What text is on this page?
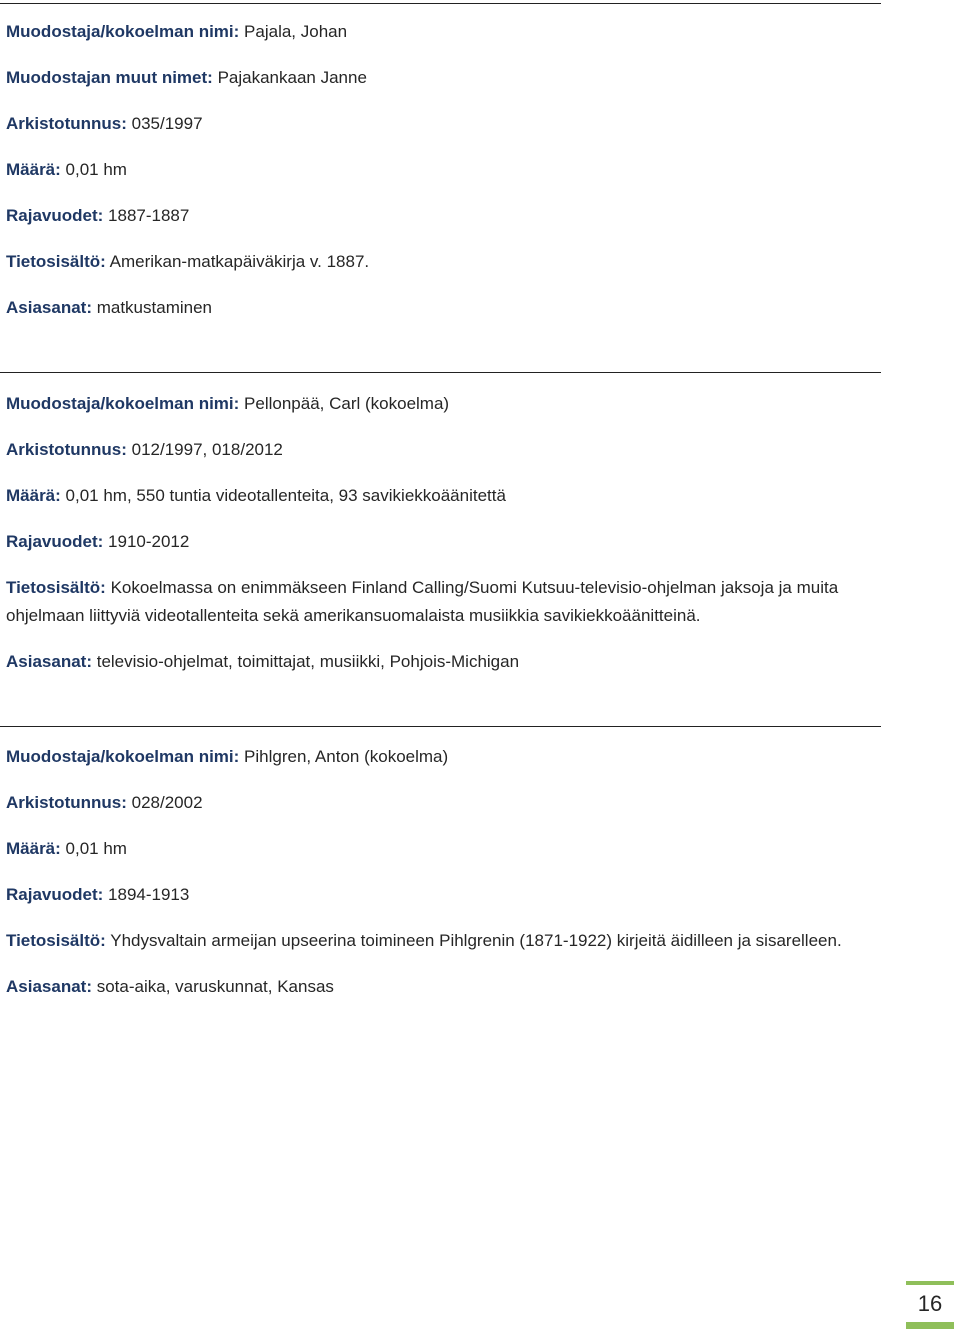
Muodostaja/kokoelman nimi: Pajala, Johan

Muodostajan muut nimet: Pajakankaan Janne

Arkistotunnus: 035/1997

Määrä: 0,01 hm

Rajavuodet: 1887-1887

Tietosisältö: Amerikan-matkapäiväkirja v. 1887.

Asiasanat: matkustaminen

Muodostaja/kokoelman nimi: Pellonpää, Carl (kokoelma)

Arkistotunnus: 012/1997, 018/2012

Määrä: 0,01 hm, 550 tuntia videotallenteita, 93 savikiekkoäänitettä

Rajavuodet: 1910-2012

Tietosisältö: Kokoelmassa on enimmäkseen Finland Calling/Suomi Kutsuu-televisio-ohjelman jaksoja ja muita ohjelmaan liittyviä videotallenteita sekä amerikansuomalaista musiikkia savikiekkoäänitteinä.

Asiasanat: televisio-ohjelmat, toimittajat, musiikki, Pohjois-Michigan

Muodostaja/kokoelman nimi: Pihlgren, Anton (kokoelma)

Arkistotunnus: 028/2002

Määrä: 0,01 hm

Rajavuodet: 1894-1913

Tietosisältö: Yhdysvaltain armeijan upseerina toimineen Pihlgrenin (1871-1922) kirjeitä äidilleen ja sisarelleen.

Asiasanat: sota-aika, varuskunnat, Kansas

16
